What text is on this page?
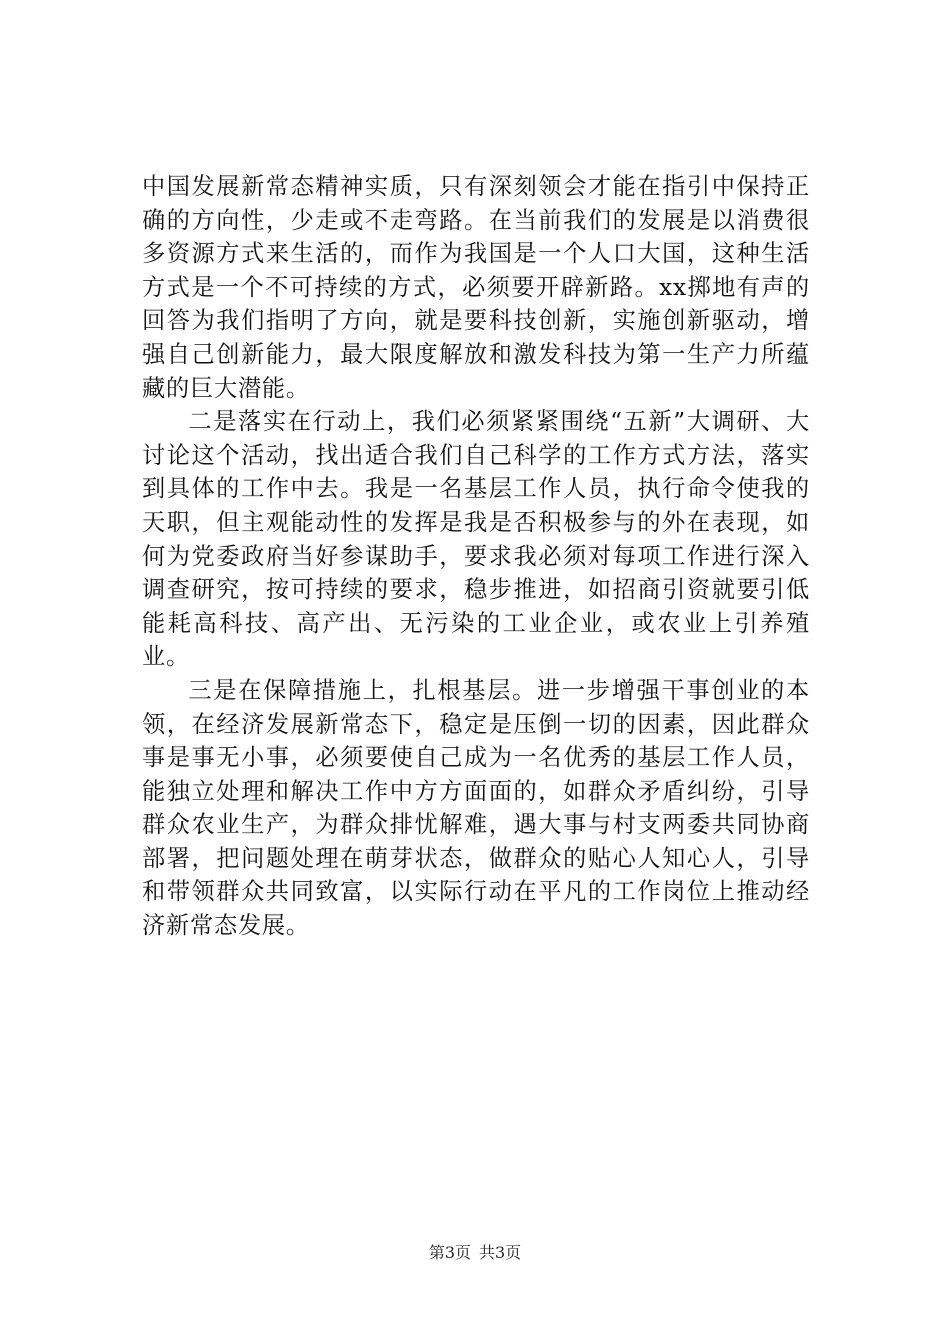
中国发展新常态精神实质，只有深刻领会才能在指引中保持正确的方向性，少走或不走弯路。在当前我们的发展是以消费很多资源方式来生活的，而作为我国是一个人口大国，这种生活方式是一个不可持续的方式，必须要开辟新路。xx掷地有声的回答为我们指明了方向，就是要科技创新，实施创新驱动，增强自己创新能力，最大限度解放和激发科技为第一生产力所蕴藏的巨大潜能。

二是落实在行动上，我们必须紧紧围绕“五新”大调研、大讨论这个活动，找出适合我们自己科学的工作方式方法，落实到具体的工作中去。我是一名基层工作人员，执行命令使我的天职，但主观能动性的发挥是我是否积极参与的外在表现，如何为党委政府当好参谋助手，要求我必须对每项工作进行深入调查研究，按可持续的要求，稳步推进，如招商引资就要引低能耗高科技、高产出、无污染的工业企业，或农业上引养殖业。

三是在保障措施上，扎根基层。进一步增强干事创业的本领，在经济发展新常态下，稳定是压倒一切的因素，因此群众事是事无小事，必须要使自己成为一名优秀的基层工作人员，能独立处理和解决工作中方方面面的，如群众矛盾纠纷，引导群众农业生产，为群众排忧解难，遇大事与村支两委共同协商部署，把问题处理在萌芽状态，做群众的贴心人知心人，引导和带领群众共同致富，以实际行动在平凡的工作岗位上推动经济新常态发展。

第3页 共3页
